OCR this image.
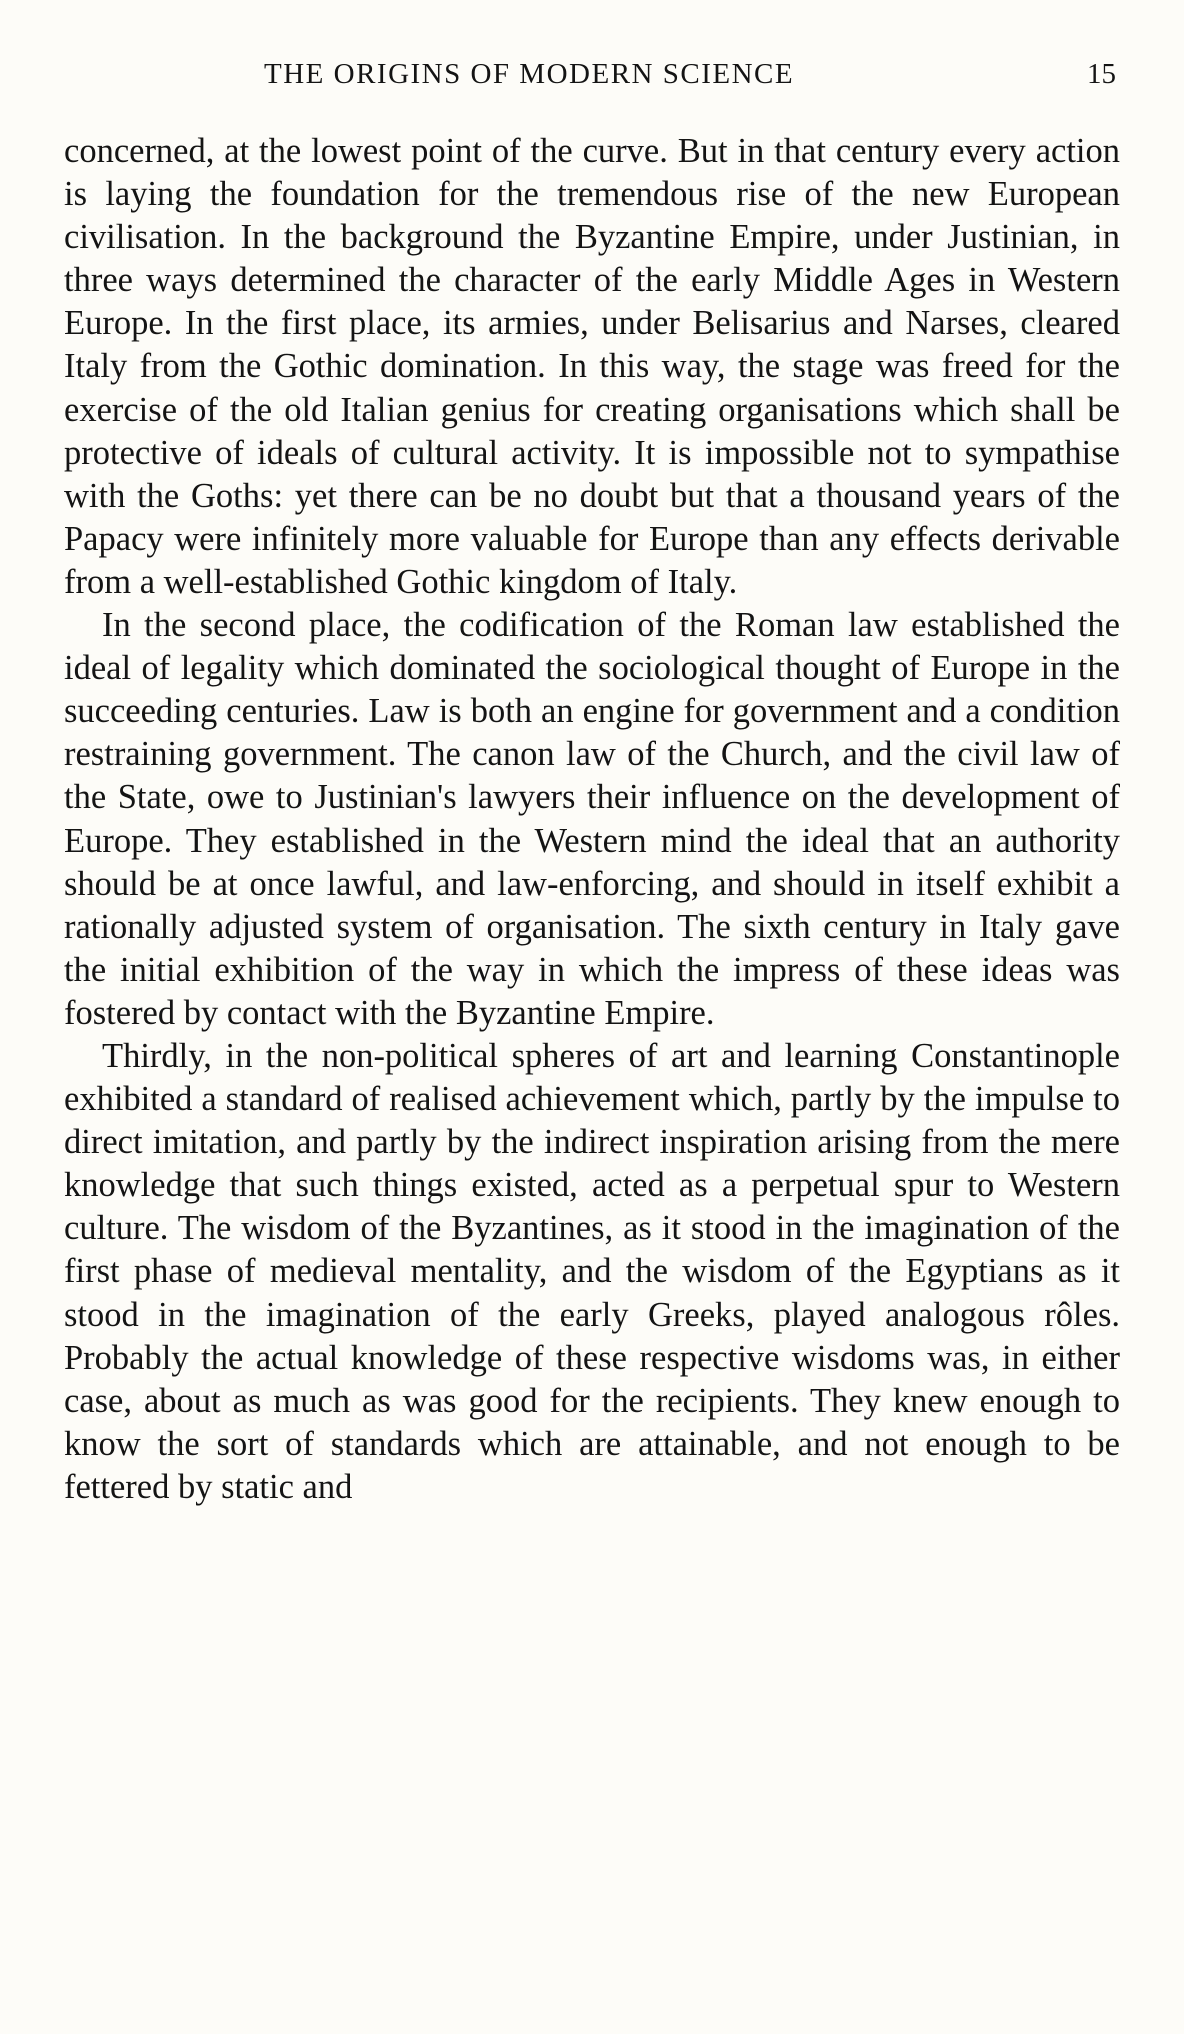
THE ORIGINS OF MODERN SCIENCE	15

concerned, at the lowest point of the curve. But in that century every action is laying the foundation for the tremendous rise of the new European civilisation. In the background the Byzantine Empire, under Justinian, in three ways determined the character of the early Middle Ages in Western Europe. In the first place, its armies, under Belisarius and Narses, cleared Italy from the Gothic domination. In this way, the stage was freed for the exercise of the old Italian genius for creating organisations which shall be protective of ideals of cultural activity. It is impossible not to sympathise with the Goths: yet there can be no doubt but that a thousand years of the Papacy were infinitely more valuable for Europe than any effects derivable from a well-established Gothic kingdom of Italy.

In the second place, the codification of the Roman law established the ideal of legality which dominated the sociological thought of Europe in the succeeding centuries. Law is both an engine for government and a condition restraining government. The canon law of the Church, and the civil law of the State, owe to Justinian's lawyers their influence on the development of Europe. They established in the Western mind the ideal that an authority should be at once lawful, and law-enforcing, and should in itself exhibit a rationally adjusted system of organisation. The sixth century in Italy gave the initial exhibition of the way in which the impress of these ideas was fostered by contact with the Byzantine Empire.

Thirdly, in the non-political spheres of art and learning Constantinople exhibited a standard of realised achievement which, partly by the impulse to direct imitation, and partly by the indirect inspiration arising from the mere knowledge that such things existed, acted as a perpetual spur to Western culture. The wisdom of the Byzantines, as it stood in the imagination of the first phase of medieval mentality, and the wisdom of the Egyptians as it stood in the imagination of the early Greeks, played analogous rôles. Probably the actual knowledge of these respective wisdoms was, in either case, about as much as was good for the recipients. They knew enough to know the sort of standards which are attainable, and not enough to be fettered by static and
